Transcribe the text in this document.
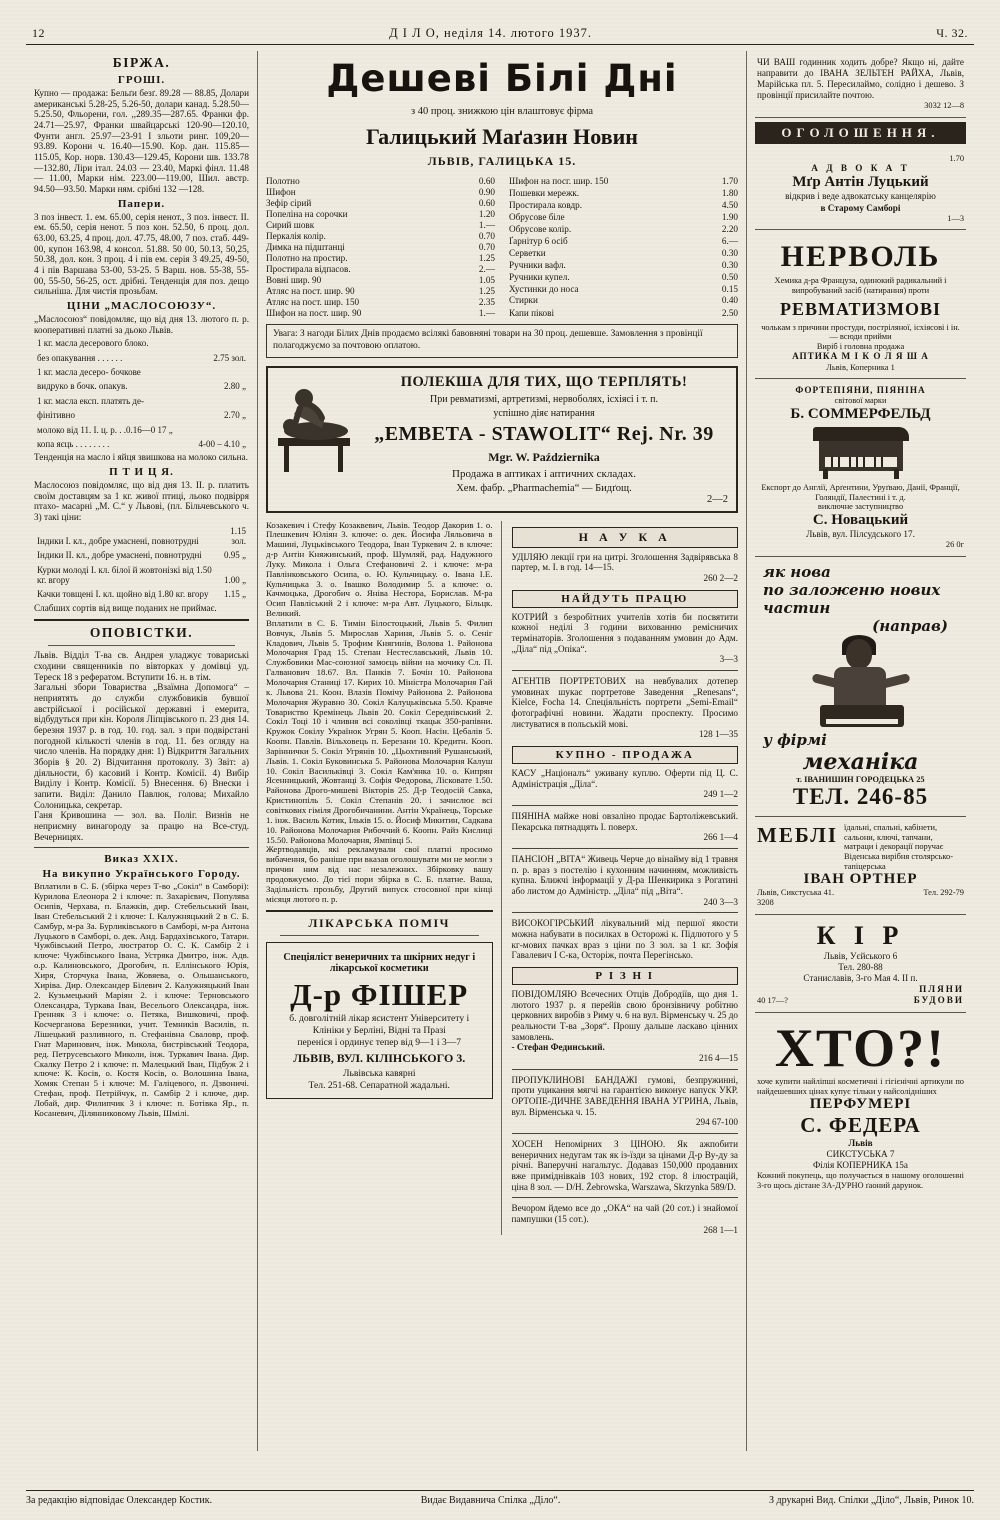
12	Д І Л О, неділя 14. лютого 1937.	Ч. 32.
БІРЖА.
ГРОШІ.
Купно — продажа: Бельґи безґ. 89.28 — 88.85, Долари американські 5.28-25, 5.26-50, долари канад. 5.28.50—5.25.50, Фльорени, гол. ,,289.35—287.65. Франки фр. 24.71—25.97, Франки швайцарські 120-90—120.10, Фунти англ. 25.97—23-91 І зльоти ринг. 109,20—93.89. Корони ч. 16.40—15.90. Кор. дан. 115.85—115.05, Кор. норв. 130.43—129.45, Корони шв. 133.78—132.80, Ліри італ. 24.03 — 23.40, Маркі фінл. 11.48 — 11.00, Марки нім. 223.00—119.00, Шил. австр. 94.50—93.50. Марки ням. срібні 132 —128.
Папери.
3 поз інвест. 1. ем. 65.00, серія ненот., 3 поз. інвест. ІІ. ем. 65.50, серія ненот. 5 поз кон. 52.50, 6 проц. дол. 63.00, 63.25, 4 проц. дол. 47.75, 48.00, 7 поз. стаб. 449-00, купон 163.98, 4 консол. 51.88. 50 00, 50.13, 50,25, 50.38, дол. кон. 3 проц. 4 і пів ем. серія 3 49.25, 49-50, 4 і пів Варшава 53-00, 53-25. 5 Варш. нов. 55-38, 55-00, 55-50, 56-25, ост. дрібні. Тенденція для поз. дещо сильніша. Для чистія прозьбам.
ЦІНИ „МАСЛОСОЮЗУ“.
„Маслосоюз“ повідомляє, що від дня 13. лютого п. р. кооперативні платні за дьоко Львів.
1 кг. масла десерового блоко.	
без опакування . . . . . .	2.75 зол.
1 кг. масла десеро- бочкове	
видруко в бочк. опакув.	2.80 „
1 кг. масла експ. платять де-	
фінітивно	2.70 „
молоко від 11. І. ц. р. . .0.16—0 17 „	
копа яєць . . . . . . . .	4-00 – 4.10 „
Тенденція на масло і яйця звишкова на молоко сильна.
П Т И Ц Я.
Маслосоюз повідомляє, що від дня 13. ІІ. р. платить своїм доставцям за 1 кг. живої птиці, льоко подвірря птахо- масарні „М. С.“ у Львові, (пл. Більчевського ч. 3) такі ціни:
Індики І. кл., добре умаснені, повнотрудні	1.15 зол.
Індики ІІ. кл., добре умаснені, повнотрудні	0.95 „
Курки молоді І. кл. білої й жовтонізкі від 1.50 кг. вгору	1.00 „
Качки товщені І. кл. щойно від 1.80 кг. вгору	1.15 „
Слабших сортів від вище поданих не приймає.
ОПОВІСТКИ.
Львів. Відділ Т-ва св. Андрея уладжує товариські сходини священників по вівторках у домівці уд. Тереск 18 з рефератом. Вступити 16. н. в тім.
Загальні збори Товариства „Взаїмна Допомога“ – неприятять до служби службовиків бувшої австрійської і російської державні і емерита, відбудуться при кін. Короля Ліпцівського п. 23 дня 14. березня 1937 р. в год. 10. год. зал. з при подвірстані погодной кількості членів в год. 11. без огляду на число членів. На порядку дня: 1) Відкриття Загальних Зборів § 20. 2) Відчитання протоколу. 3) Звіт: а) діяльности, б) касовий і Контр. Комісії. 4) Вибір Виділу і Контр. Комісії. 5) Внесення. 6) Внески і запити. Виділ: Данило Павлюк, голова; Михайло Солоницька, секретар.
Ганя Кривошина — зол. ва. Поліг. Визнів не неприємну винагороду за працю на Все-студ. Вечерницях.
Виказ XXIX.
На викупно Українського Городу.
Вплатили в С. Б. (збірка через Т-во „Сокіл“ в Самборі): Курилова Елеонора 2 і ключе: п. Захарієвич, Популява Осипів, Черхава, п. Блажків, дир. Стебельський Іван, Іван Стебельський 2 і ключе: І. Калужняцький 2 в С. Б. Самбур, м-ра За. Бурликівського в Самборі, м-ра Антона Луцького в Самборі, о. дек. Анд. Бардахівського, Татари. Чужбівський Петро, люстратор О. С. К. Самбір 2 і ключе: Чужбівського Івана, Устряка Дмитро, інж. Адв. о.р. Калиновського, Дрогобич, п. Еллінського Юрія, Хиря, Сторчука Івана, Жовяева, о. Ольшанського, Хиріва. Дир. Олександер Білевич 2. Калужняцький Іван 2. Кузьмецький Маріян 2. і ключе: Терновського Олександра, Туркава Іван, Веселього Олександра, інж. Гренняк 3 і ключе: о. Петяка, Вишковичі, проф. Косчерганова Березники, учит. Темників Василів, п. Лішецький разливного, п. Стефанівна Сваловр, проф. Гнат Маринович, інж. Микола, бистрівський Теодора, ред. Петрусевського Миколи, інж. Туркавич Івана. Дир. Скалку Петро 2 і ключе: п. Малецький Іван, Підбуж 2 і ключе: К. Косів, о. Костя Косів, о. Волошина Івана, Хомяк Степан 5 і ключе: М. Галіцевого, п. Дзвоничі. Стефан, проф. Петрійчук, п. Самбір 2 і ключе, дир. Лобай, дир. Филипчик 3 і ключе: п. Ботівка Яр., п. Косаневич, Ділянниковому Львів, Шмілі.
Дешеві Білі Дні
з 40 проц. знижкою цін влаштовує фірма
Галицький Маґазин Новин
ЛЬВІВ, ГАЛИЦЬКА 15.
Полотно	0.60
Шифон	0.90
Зефір сірий	0.60
Попеліна на сорочки	1.20
Сирий шовк	1.—
Перкалія колір.	0.70
Димка на підштанці	0.70
Полотно на простир.	1.25
Простирала відпасов.	2.—
Вовні шир. 90	1.05
Атляс на пост. шир. 90	1.25
Атляс на пост. шир. 150	2.35
Шифон на пост. шир. 90	1.—
Шифон на посг. шир. 150	1.70
Пошевки мережк.	1.80
Простирала ковдр.	4.50
Обрусове біле	1.90
Обрусове колір.	2.20
Ґарнітур 6 осіб	6.—
Серветки	0.30
Ручники вафл.	0.30
Ручники купел.	0.50
Хустинки до носа	0.15
Стирки	0.40
Капи пікові	2.50
Увага: З нагоди Білих Днів продаємо всілякі бавовняні товари на 30 проц. дешевше. Замовлення з провінції полагоджуємо за почтовою оплатою.
ПОЛЕКША ДЛЯ ТИХ, ЩО ТЕРПЛЯТЬ!
При ревматизмі, артретизмі, нервоболях, ісхіясі і т. п.
успішно діяє натирання
„ЕМВЕТА - STAWOLIT“ Rej. Nr. 39
Mgr. W. Października
Продажа в аптиках і аптичних складах.
Хем. фабр. „Pharmachemia“ — Бидґощ.
2—2
Козакевич і Стефу Козаквевич, Львів. Теодор Дакорив 1. о. Плешкевич Юліян 3. ключе: о. дек. Йосифа Ляльовича в Машині, Луцьківського Теодора, Іван Туркевич 2. в ключе: д-р Антін Княжинський, проф. Шумляй, рад. Надужного Луку. Микола і Ольга Стефановичі 2. і ключе: м-ра Павлінковського Осипа, о. Ю. Кульчицьку. о. Івана І.Е. Кульчицька 3. о. Івашко Володимир 5. а ключе: о. Качмоцька, Дрогобич о. Яніва Нестора, Борислав. М-ра Осип Павліський 2 і ключе: м-ра Авт. Луцького, Більцк. Великий.
Вплатили в С. Б. Тимін Білостоцький, Львів 5. Филип Вовчук, Львів 5. Мирослав Хариня, Львів 5. о. Сеніг Кладович, Львів 5. Трофим Княгинів, Волова 1. Районова Молочарня Град 15. Степан Нестеславський, Львів 10. Службовики Мас-союзної замоєць війни на мочику Сл. П. Галванович 18.67. Вл. Панків 7. Бочін 10. Районова Молочарня Станиці 17. Кирих 10. Міністра Молочарня Гай к. Львова 21. Коон. Влазів Помічу Районова 2. Районова Молочарня Журавно 30. Сокіл Калуцьківська 5.50. Кравче Товариство Кремінець Львів 20. Сокіл Середнівський 2. Сокіл Тоці 10 і чливня всі соколівці ткацьк 350-рапівни. Кружок Сокілу Українок Угрян 5. Кооп. Насін. Цебалів 5. Коопн. Павлів. Вільховець п. Березани 10. Кредитн. Кооп. Заріннички 5. Сокіл Угрянів 10. „Цьохтивний Рушанський, Львів. 1. Сокіл Буковинська 5. Районова Молочарня Калуш 10. Сокіл Васильківці 3. Сокіл Кам'янка 10. о. Кипрян Ясенницький, Жовтанці 3. Софія Федорова, Лісковате 1.50. Районова Дрого-мишеві Вікторів 25. Д-р Теодосій Савка, Кристинопіль 5. Сокіл Степанів 20. і зачислює всі совіткових гіміля Дрогобичанини. Антін Українець, Торське 1. інж. Василь Котик, Ільків 15. о. Йосиф Микитин, Садкава 10. Районова Молочарня Рибоччий 6. Коопн. Райз Кислиці 15.50. Районова Молочарня, Ямпівці 5.
Жертводавців, які рекламували свої платні просимо вибачення, бо раніше при вказав оголошувати ми не могли з причин ним від нас незалежних. Збірковку вашу продовжуємо. До тієї пори збірка в С. Б. платне. Ваша, Задільність прозьбу, Другий випуск стосовної при кінці місяця лютого п. р.
ЛІКАРСЬКА ПОМІЧ
Спеціяліст венеричних та шкірних недуг і лікарської косметики
Д-р ФІШЕР
б. довголітній лікар ясистент Університету і Клініки у Берліні, Відні та Празі
переніся і ординує тепер від 9—1 і 3—7
ЛЬВІВ, ВУЛ. КІЛІНСЬКОГО 3.
Львівська кавярні
Тел. 251-68. Сепаратной жадальні.
Н А У К А
УДІЛЯЮ лекції гри на цитрі. Зголошення Задвірявська 8 партер, м. І. в год. 14—15.
260 2—2
НАЙДУТЬ ПРАЦЮ
КОТРИЙ з безробітних учителів хотів би посвятити кожної неділі 3 години вихованню ремісничих термінаторів. Зголошення з подаванням умовин до Адм. „Діла“ під „Опіка“.
3—3
АГЕНТІВ ПОРТРЕТОВИХ на невбувалих дотепер умовинах шукає портретове Заведення „Renesans“, Kielce, Focha 14. Спеціяльність портрети „Semi-Email“ фотографічні новини. Жадати проспекту. Просимо листуватися в польській мові.
128 1—35
КУПНО - ПРОДАЖА
КАСУ „Націоналъ“ уживану куплю. Оферти під Ц. С. Адміністрація „Діла“.
249 1—2
ПІЯНІНА майже нові овзаліно продає Бартоліжевський. Пекарська пятнадцять І. поверх.
266 1—4
ПАНСІОН „ВІТА“ Живець Черче до вінайму від 1 травня п. р. враз з постелію і кухонним начинням, можливість купна. Ближчі інформації у Д-ра Шенкирика з Рогатині або листом до Адміністр. „Діла“ під „Віта“.
240 3—3
ВИСОКОГІРСЬКИЙ лікувальний мід першої якости можна набувати в посилках в Осторожі к. Підлютого у 5 кг-мових пачках враз з ціни по 3 зол. за 1 кг. Зофія Гавалевич І С-ка, Осторіж, почта Перегінсько.
Р І З Н І
ПОВІДОМЛЯЮ Всечесних Отців Добродіїв, що дня 1. лютого 1937 р. я перейів свою бронзівничу робітню церковних виробів з Риму ч. 6 на вул. Вірменську ч. 25 до реальности Т-ва „Зоря“. Прошу дальше ласкаво цінних замовлень.
- Стефан Фединський.
216 4—15
ПРОПУКЛИНОВІ БАНДАЖІ гумові, безпружинні, проти уцикання мягчі на гарантією виконує напуск УКР. ОРТОПЕ-ДИЧНЕ ЗАВЕДЕННЯ ІВАНА УГРИНА, Львів, вул. Вірменська ч. 15.
294 67-100
ХОСЕН Непомірних З ЦІНОЮ. Як ажпобити венеричних недугам так як із-їзди за цінами Д-р Ву-ду за річні. Ваперучні нагальтус. Додаваз 150,000 продавних вже приміднівкаів 103 нових, 192 стор. 8 ілюстрацій, ціна 8 зол. — D/H. Żebrowska, Warszawa, Skrzynka 589/D.
Вечором йдемо все до „ОКА“ на чай (20 сот.) і знайомої пампушки (15 сот.).
268 1—1
ЧИ ВАШ годинник ходить добре? Якщо ні, дайте направити до ІВАНА ЗЕЛЬТЕН РАЙХА, Львів, Марійська пл. 5. Пересилаймо, солідно і дешево. З провінції присилайте почтою.
3032 12—8
ОГОЛОШЕННЯ.
1.70
А Д В О К А Т
Мґр Антін Луцький
відкрив і веде адвокатську канцелярію
в Старому Самборі
1—3
НЕРВОЛЬ
Хемика д-ра Француза, одинокий радикальний і випробуваний засіб (натирання) проти
РЕВМАТИЗМОВІ
чолькам з причини простуди, постріляної, ісхіясові і ін. — всюди прийми
Виріб і головна продажа
АПТИКА М І К О Л Я Ш А
Львів, Коперника 1
ФОРТЕПІЯНИ, ПІЯНІНА
світової марки
Б. СОММЕРФЕЛЬД
Експорт до Англії, Арґентини, Уруґваю, Данії, Франції, Голяндії, Палестині і т. д.
виключне заступництво
С. Новацький
Львів, вул. Пілсудського 17.
26 0г
як нова
по заложеню нових частин
(направ)
у фірмі
механіка
т. ІВАНИШИН ГОРОДЕЦЬКА 25
ТЕЛ. 246-85
МЕБЛІ їдальні, спальні, кабінети, сальони, ключі, тапчани, матраци і декорації поручає Віденська вирібня столярсько-тапіцерська
ІВАН ОРТНЕР
Львів, Сикстуська 41.	Тел. 292-79
3208
К І Р
Львів, Уєйського 6
Тел. 280-88
Станиславів, 3-го Мая 4. ІІ п.
40 17—?
ПЛЯНИ
БУДОВИ
ХТО?!
хоче купити найліпші косметичні і гігієнічні артикули по найдешевших цінах купує тільки у найсолідніших
ПЕРФУМЕРІ
С. ФЕДЕРА
Львів
СИКСТУСЬКА 7
Філія КОПЕРНИКА 15а
Кожний покупець, що получається в нашому оголошенні 3-го щось дістане ЗА-ДУРНО ґаоний дарунок.
За редакцію відповідає Олександер Костик.	Видає Видавнича Спілка „Діло“.	З друкарні Вид. Спілки „Діло“, Львів, Ринок 10.
